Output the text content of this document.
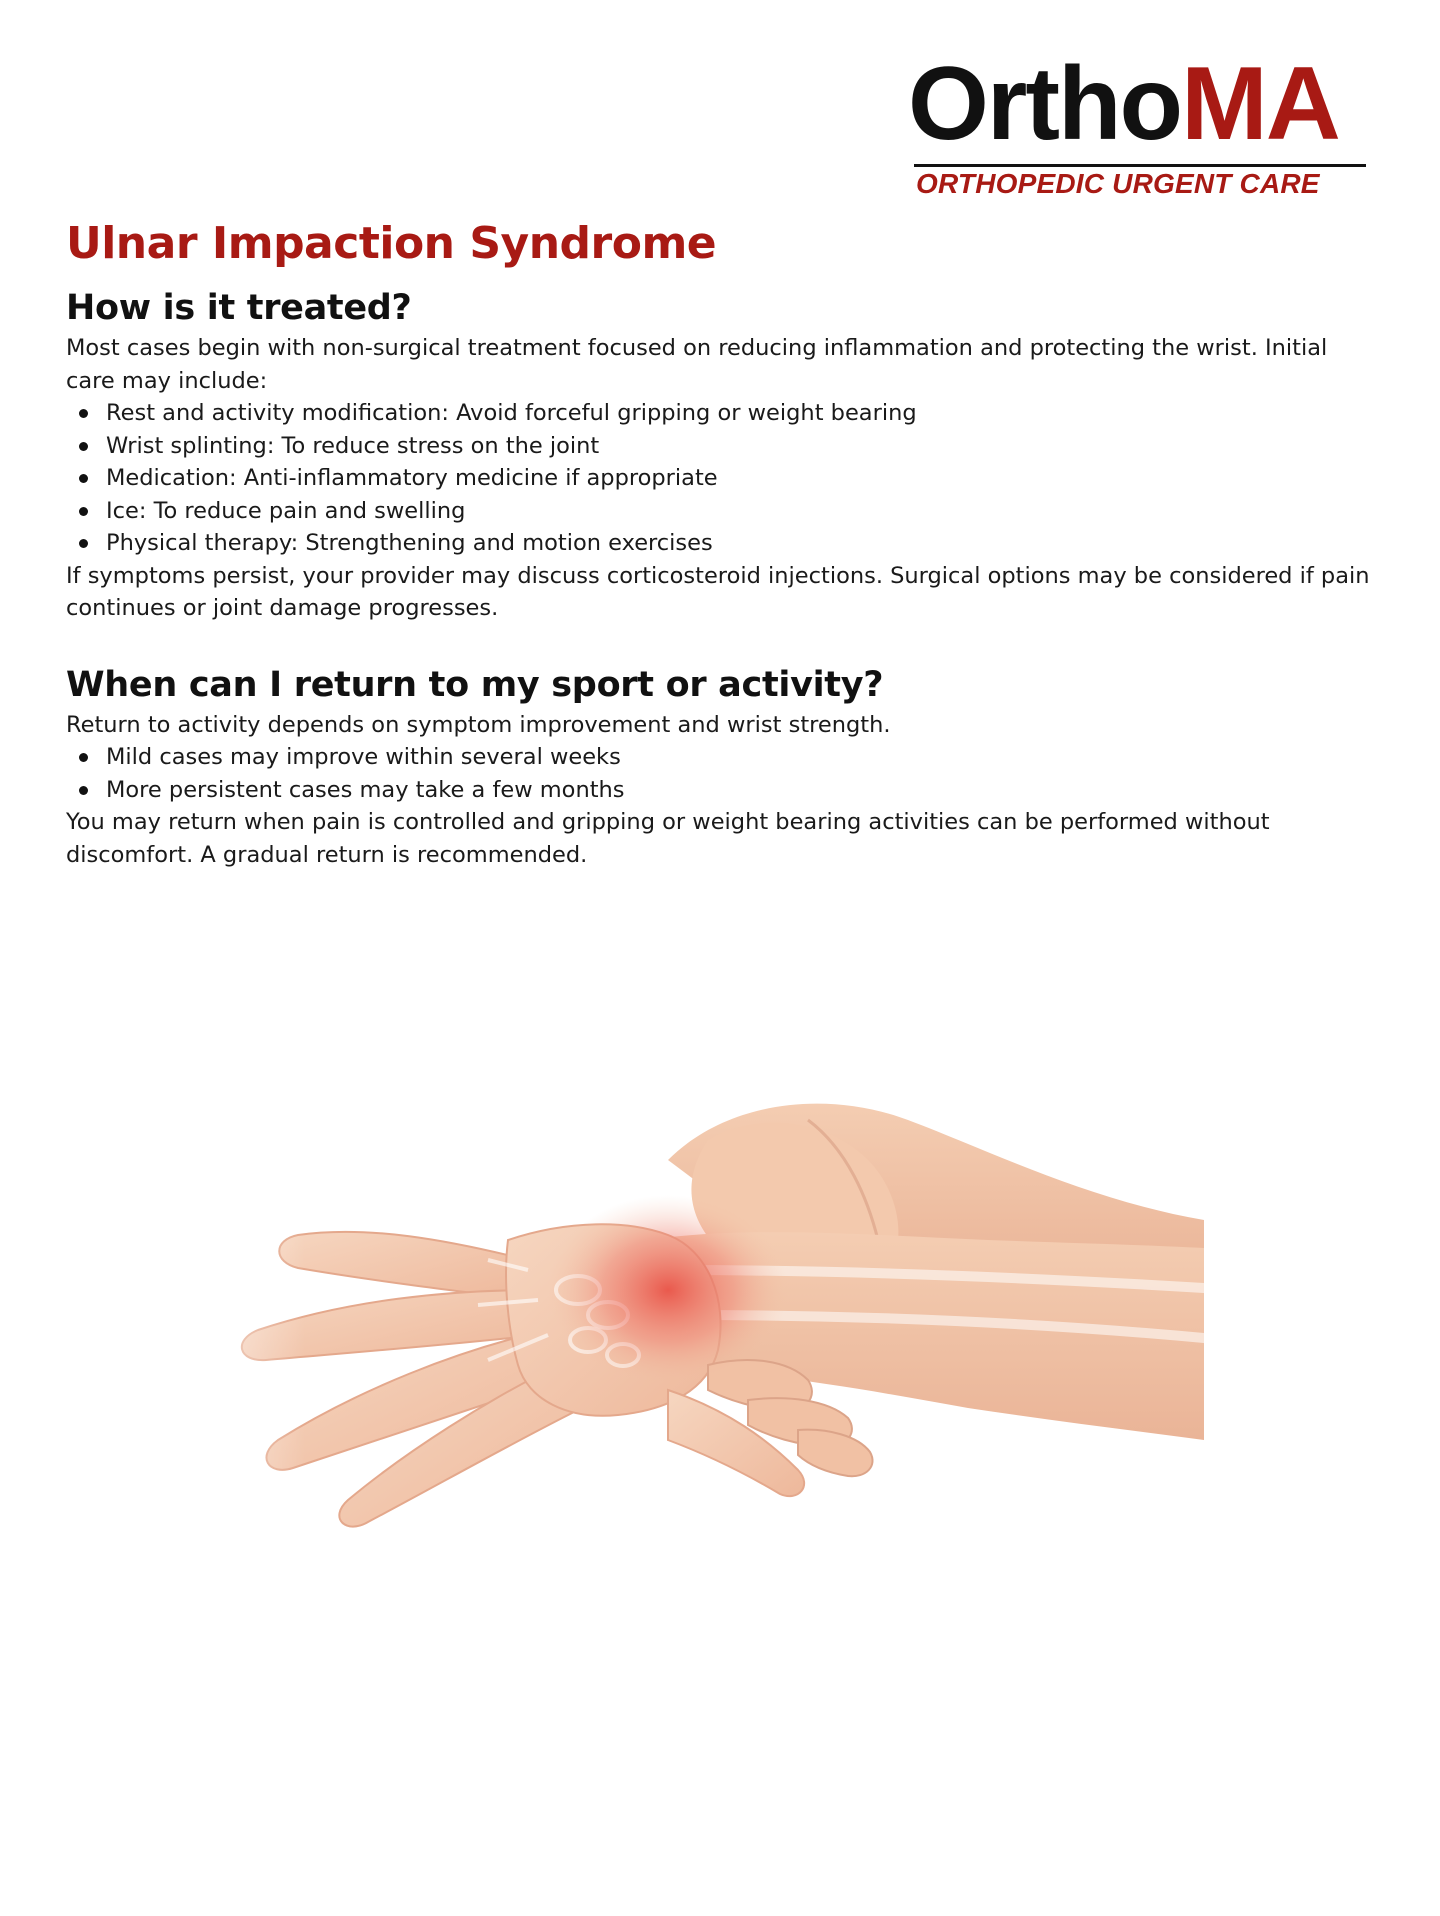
OrthoMA
ORTHOPEDIC URGENT CARE
Ulnar Impaction Syndrome
How is it treated?

Most cases begin with non-surgical treatment focused on reducing inflammation and protecting the wrist. Initial care may include:

Rest and activity modification: Avoid forceful gripping or weight bearing
Wrist splinting: To reduce stress on the joint
Medication: Anti-inflammatory medicine if appropriate
Ice: To reduce pain and swelling
Physical therapy: Strengthening and motion exercises

If symptoms persist, your provider may discuss corticosteroid injections. Surgical options may be considered if pain continues or joint damage progresses.

When can I return to my sport or activity?

Return to activity depends on symptom improvement and wrist strength.

Mild cases may improve within several weeks
More persistent cases may take a few months

You may return when pain is controlled and gripping or weight bearing activities can be performed without discomfort. A gradual return is recommended.
